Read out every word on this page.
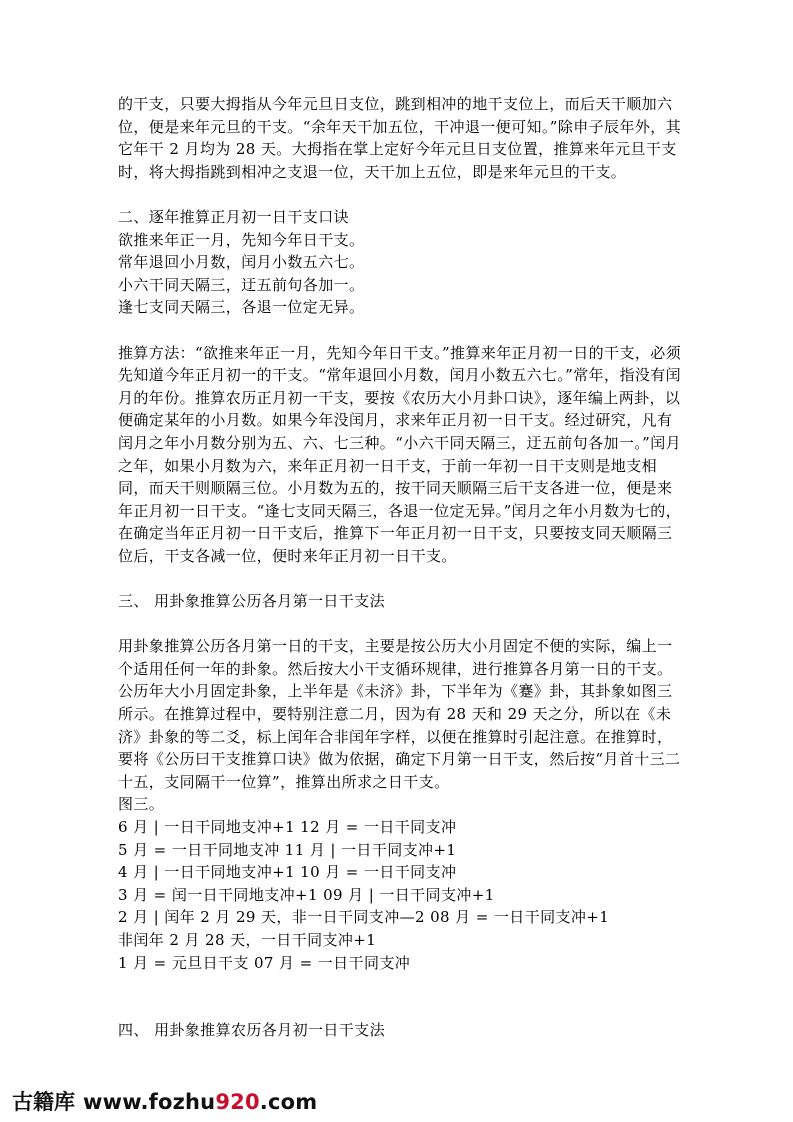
的干支，只要大拇指从今年元旦日支位，跳到相冲的地干支位上，而后天干顺加六位，便是来年元旦的干支。“余年天干加五位，干冲退一便可知。”除申子辰年外，其它年干 2 月均为 28 天。大拇指在掌上定好今年元旦日支位置，推算来年元旦干支时，将大拇指跳到相冲之支退一位，天干加上五位，即是来年元旦的干支。

二、逐年推算正月初一日干支口诀

欲推来年正一月，先知今年日干支。

常年退回小月数，闰月小数五六七。

小六干同天隔三，迂五前句各加一。

逢七支同天隔三，各退一位定无异。

推算方法：“欲推来年正一月，先知今年日干支。”推算来年正月初一日的干支，必须先知道今年正月初一的干支。“常年退回小月数，闰月小数五六七。”常年，指没有闰月的年份。推算农历正月初一干支，要按《农历大小月卦口诀》，逐年编上两卦，以便确定某年的小月数。如果今年没闰月，求来年正月初一日干支。经过研究，凡有闰月之年小月数分别为五、六、七三种。“小六干同天隔三，迂五前句各加一。”闰月之年，如果小月数为六，来年正月初一日干支，于前一年初一日干支则是地支相同，而天干则顺隔三位。小月数为五的，按干同天顺隔三后干支各进一位，便是来年正月初一日干支。“逢七支同天隔三，各退一位定无异。”闰月之年小月数为七的，在确定当年正月初一日干支后，推算下一年正月初一日干支，只要按支同天顺隔三位后，干支各减一位，便时来年正月初一日干支。

三、 用卦象推算公历各月第一日干支法

用卦象推算公历各月第一日的干支，主要是按公历大小月固定不便的实际，编上一个适用任何一年的卦象。然后按大小干支循环规律，进行推算各月第一日的干支。公历年大小月固定卦象，上半年是《未济》卦，下半年为《蹇》卦，其卦象如图三所示。在推算过程中，要特别注意二月，因为有 28 天和 29 天之分，所以在《未济》卦象的等二爻，标上闰年合非闰年字样，以便在推算时引起注意。在推算时，要将《公历曰干支推算口诀》做为依据，确定下月第一日干支，然后按“月首十三二十五，支同隔干一位算”，推算出所求之日干支。

图三。

6 月 | 一日干同地支冲+1 12 月 = 一日干同支冲

5 月 = 一日干同地支冲 11 月 | 一日干同支冲+1

4 月 | 一日干同地支冲+1 10 月 = 一日干同支冲

3 月 = 闰一日干同地支冲+1 09 月 | 一日干同支冲+1

2 月 | 闰年 2 月 29 天，非一日干同支冲—2 08 月 = 一日干同支冲+1

非闰年 2 月 28 天，一日干同支冲+1

1 月 = 元旦日干支 07 月 = 一日干同支冲

四、 用卦象推算农历各月初一日干支法

古籍库 www.fozhu920.com
